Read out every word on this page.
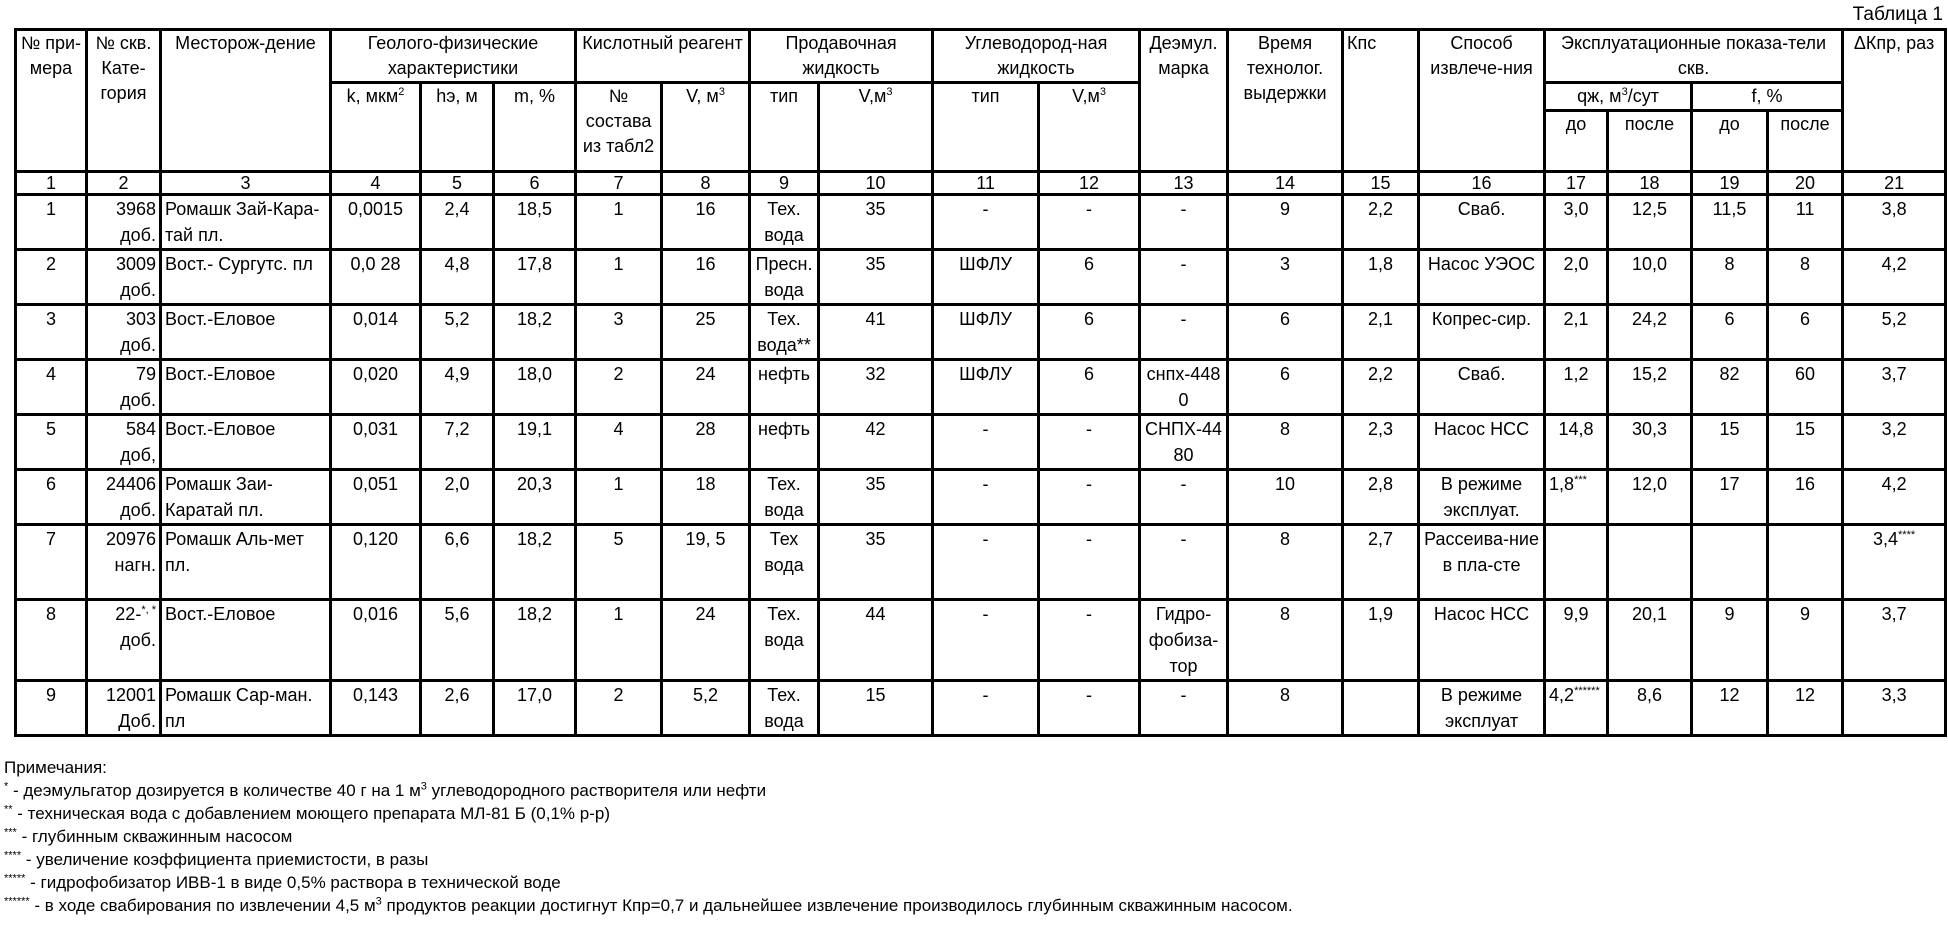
Таблица 1
№ при-мера	№ скв. Кате-гория	Месторож-дение	Геолого-физические характеристики	Кислотный реагент	Продавочная жидкость	Углеводород-ная жидкость	Деэмул. марка	Время технолог. выдержки	Кпс	Способ извлече-ния	Эксплуатационные показа-тели скв.	ΔКпр, раз
k, мкм2	hэ, м	m, %	№ состава из табл2	V, м3	тип	V,м3	тип	V,м3	qж, м3/сут	f, %
до	после	до	после
1	2	3	4	5	6	7	8	9	10	11	12	13	14	15	16	17	18	19	20	21
1	3968
доб.
	Ромашк Зай-Кара-тай пл.	0,0015	2,4	18,5	1	16	Тех. вода	35	-	-	-	9	2,2	Сваб.	3,0	12,5	11,5	11	3,8
2	3009
доб.
	Вост.- Сургутс. пл	0,0 28	4,8	17,8	1	16	Пресн. вода	35	ШФЛУ	6	-	3	1,8	Насос УЭОС	2,0	10,0	8	8	4,2
3	303
доб.
	Вост.-Еловое	0,014	5,2	18,2	3	25	Тех. вода**	41	ШФЛУ	6	-	6	2,1	Копрес-сир.	2,1	24,2	6	6	5,2
4	79
доб.
	Вост.-Еловое	0,020	4,9	18,0	2	24	нефть	32	ШФЛУ	6	снпх-4480	6	2,2	Сваб.	1,2	15,2	82	60	3,7
5	584
доб,
	Вост.-Еловое	0,031	7,2	19,1	4	28	нефть	42	-	-	СНПХ-4480	8	2,3	Насос НСС	14,8	30,3	15	15	3,2
6	24406
доб.
	Ромашк Заи-Каратай пл.	0,051	2,0	20,3	1	18	Тех. вода	35	-	-	-	10	2,8	В режиме эксплуат.	1,8***	12,0	17	16	4,2
7	20976
нагн.
	Ромашк Аль-мет пл.	0,120	6,6	18,2	5	19, 5	Тех вода	35	-	-	-	8	2,7	Рассеива-ние в пла-сте					3,4****
8	22-*, *
доб.
	Вост.-Еловое	0,016	5,6	18,2	1	24	Тех. вода	44	-	-	Гидро-фобиза-тор	8	1,9	Насос НСС	9,9	20,1	9	9	3,7
9	12001
Доб.
	Ромашк Сар-ман. пл	0,143	2,6	17,0	2	5,2	Тех. вода	15	-	-	-	8		В режиме эксплуат	4,2******	8,6	12	12	3,3
Примечания:
* - деэмульгатор дозируется в количестве 40 г на 1 м3 углеводородного растворителя или нефти
** - техническая вода с добавлением моющего препарата МЛ-81 Б (0,1% р-р)
*** - глубинным скважинным насосом
**** - увеличение коэффициента приемистости, в разы
***** - гидрофобизатор ИВВ-1 в виде 0,5% раствора в технической воде
****** - в ходе свабирования по извлечении 4,5 м3 продуктов реакции достигнут Кпр=0,7 и дальнейшее извлечение производилось глубинным скважинным насосом.
